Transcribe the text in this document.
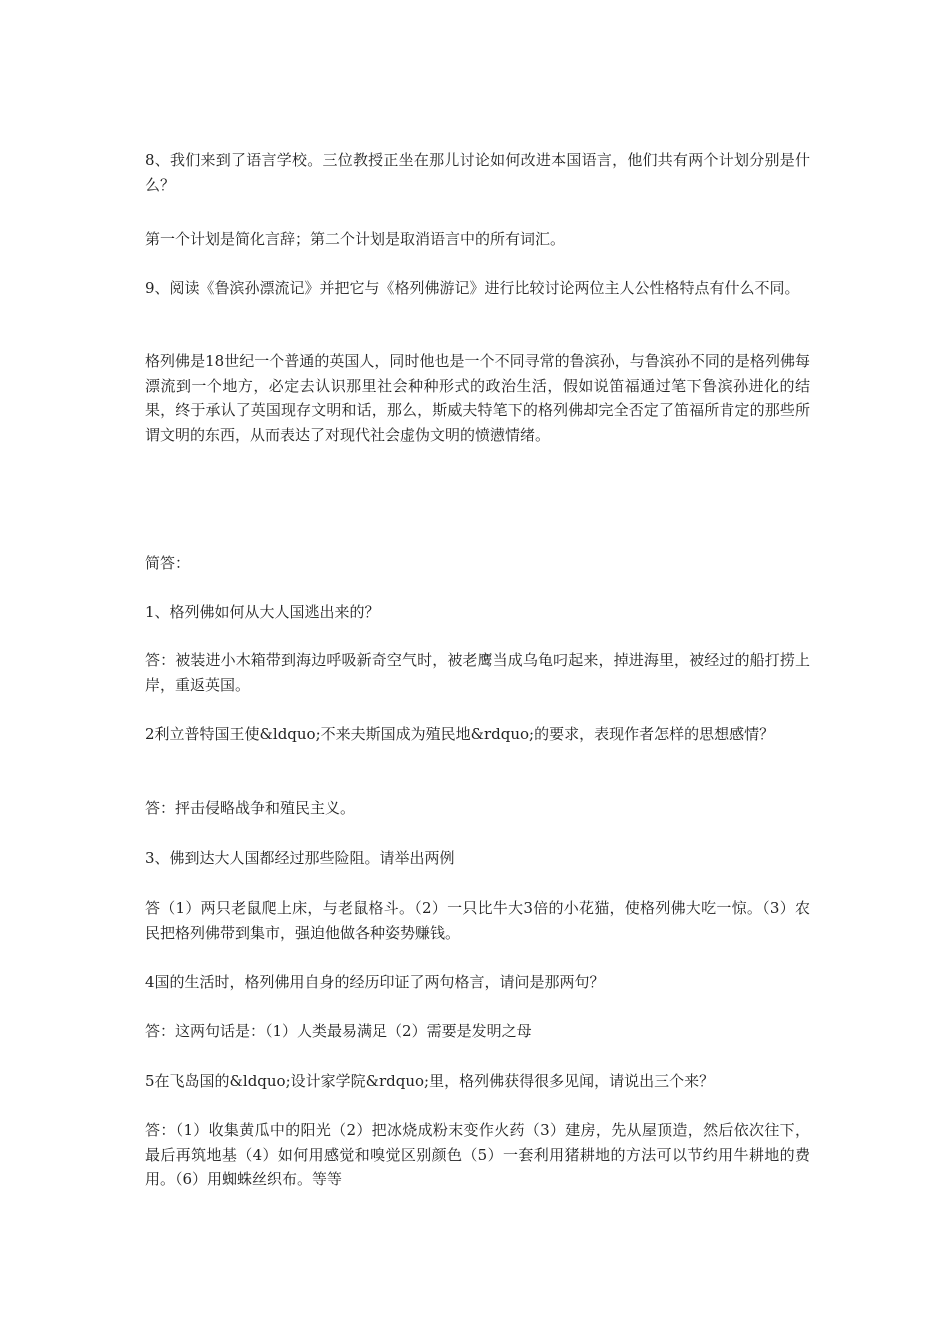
8、我们来到了语言学校。三位教授正坐在那儿讨论如何改进本国语言，他们共有两个计划分别是什么？

第一个计划是简化言辞；第二个计划是取消语言中的所有词汇。

9、阅读《鲁滨孙漂流记》并把它与《格列佛游记》进行比较讨论两位主人公性格特点有什么不同。

格列佛是18世纪一个普通的英国人，同时他也是一个不同寻常的鲁滨孙，与鲁滨孙不同的是格列佛每漂流到一个地方，必定去认识那里社会种种形式的政治生活，假如说笛福通过笔下鲁滨孙进化的结果，终于承认了英国现存文明和话，那么，斯威夫特笔下的格列佛却完全否定了笛福所肯定的那些所谓文明的东西，从而表达了对现代社会虚伪文明的愤懑情绪。

简答：

1、格列佛如何从大人国逃出来的？

答：被装进小木箱带到海边呼吸新奇空气时，被老鹰当成乌龟叼起来，掉进海里，被经过的船打捞上岸，重返英国。

2利立普特国王使&ldquo;不来夫斯国成为殖民地&rdquo;的要求，表现作者怎样的思想感情？

答：抨击侵略战争和殖民主义。

3、佛到达大人国都经过那些险阻。请举出两例

答（1）两只老鼠爬上床，与老鼠格斗。（2）一只比牛大3倍的小花猫，使格列佛大吃一惊。（3）农民把格列佛带到集市，强迫他做各种姿势赚钱。

4国的生活时，格列佛用自身的经历印证了两句格言，请问是那两句？

答：这两句话是：（1）人类最易满足（2）需要是发明之母

5在飞岛国的&ldquo;设计家学院&rdquo;里，格列佛获得很多见闻，请说出三个来？

答：（1）收集黄瓜中的阳光（2）把冰烧成粉末变作火药（3）建房，先从屋顶造，然后依次往下，最后再筑地基（4）如何用感觉和嗅觉区别颜色（5）一套利用猪耕地的方法可以节约用牛耕地的费用。（6）用蜘蛛丝织布。等等
